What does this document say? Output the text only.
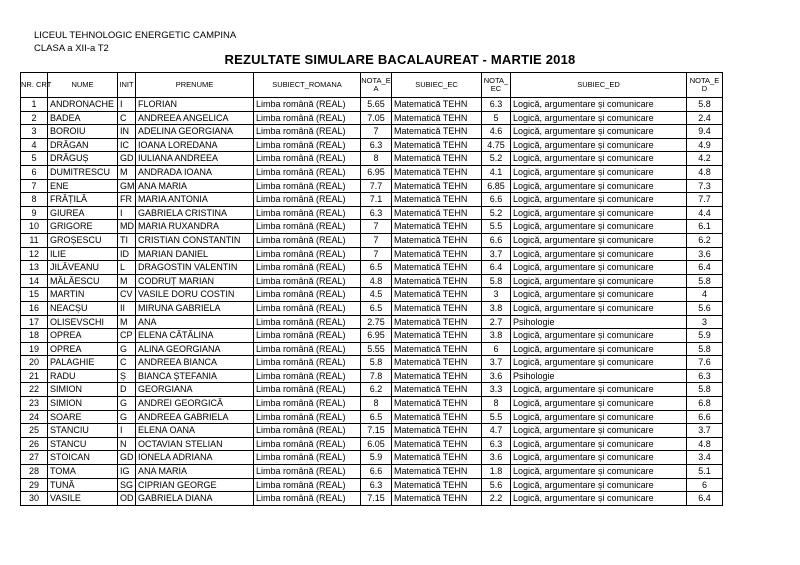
LICEUL TEHNOLOGIC ENERGETIC CAMPINA
CLASA a XII-a T2
REZULTATE SIMULARE BACALAUREAT - MARTIE 2018
NR. CRT	NUME	INIT	PRENUME	SUBIECT_ROMANA	NOTA_E A	SUBIEC_EC	NOTA_ EC	SUBIEC_ED	NOTA_E D
1	ANDRONACHE	I	FLORIAN	Limba română (REAL)	5.65	Matematică TEHN	6.3	Logică, argumentare și comunicare	5.8
2	BADEA	C	ANDREEA ANGELICA	Limba română (REAL)	7.05	Matematică TEHN	5	Logică, argumentare și comunicare	2.4
3	BOROIU	IN	ADELINA GEORGIANA	Limba română (REAL)	7	Matematică TEHN	4.6	Logică, argumentare și comunicare	9.4
4	DRĂGAN	IC	IOANA LOREDANA	Limba română (REAL)	6.3	Matematică TEHN	4.75	Logică, argumentare și comunicare	4.9
5	DRĂGUȘ	GD	IULIANA ANDREEA	Limba română (REAL)	8	Matematică TEHN	5.2	Logică, argumentare și comunicare	4.2
6	DUMITRESCU	M	ANDRADA IOANA	Limba română (REAL)	6.95	Matematică TEHN	4.1	Logică, argumentare și comunicare	4.8
7	ENE	GM	ANA MARIA	Limba română (REAL)	7.7	Matematică TEHN	6.85	Logică, argumentare și comunicare	7.3
8	FRĂȚILĂ	FR	MARIA ANTONIA	Limba română (REAL)	7.1	Matematică TEHN	6.6	Logică, argumentare și comunicare	7.7
9	GIUREA	I	GABRIELA CRISTINA	Limba română (REAL)	6.3	Matematică TEHN	5.2	Logică, argumentare și comunicare	4.4
10	GRIGORE	MD	MARIA RUXANDRA	Limba română (REAL)	7	Matematică TEHN	5.5	Logică, argumentare și comunicare	6.1
11	GROȘESCU	TI	CRISTIAN CONSTANTIN	Limba română (REAL)	7	Matematică TEHN	6.6	Logică, argumentare și comunicare	6.2
12	ILIE	ID	MARIAN DANIEL	Limba română (REAL)	7	Matematică TEHN	3.7	Logică, argumentare și comunicare	3.6
13	JILĂVEANU	L	DRAGOSTIN VALENTIN	Limba română (REAL)	6.5	Matematică TEHN	6.4	Logică, argumentare și comunicare	6.4
14	MĂLĂESCU	M	CODRUȚ MARIAN	Limba română (REAL)	4.8	Matematică TEHN	5.8	Logică, argumentare și comunicare	5.8
15	MARTIN	CV	VASILE DORU COSTIN	Limba română (REAL)	4.5	Matematică TEHN	3	Logică, argumentare și comunicare	4
16	NEACȘU	II	MIRUNA GABRIELA	Limba română (REAL)	6.5	Matematică TEHN	3.8	Logică, argumentare și comunicare	5.6
17	OLISEVSCHI	M	ANA	Limba română (REAL)	2.75	Matematică TEHN	2.7	Psihologie	3
18	OPREA	CP	ELENA CĂTĂLINA	Limba română (REAL)	6.95	Matematică TEHN	3.8	Logică, argumentare și comunicare	5.9
19	OPREA	G	ALINA GEORGIANA	Limba română (REAL)	5.55	Matematică TEHN	6	Logică, argumentare și comunicare	5.8
20	PALAGHIE	C	ANDREEA BIANCA	Limba română (REAL)	5.8	Matematică TEHN	3.7	Logică, argumentare și comunicare	7.6
21	RADU	Ș	BIANCA ȘTEFANIA	Limba română (REAL)	7.8	Matematică TEHN	3.6	Psihologie	6.3
22	SIMION	D	GEORGIANA	Limba română (REAL)	6.2	Matematică TEHN	3.3	Logică, argumentare și comunicare	5.8
23	SIMION	G	ANDREI GEORGICĂ	Limba română (REAL)	8	Matematică TEHN	8	Logică, argumentare și comunicare	6.8
24	SOARE	G	ANDREEA GABRIELA	Limba română (REAL)	6.5	Matematică TEHN	5.5	Logică, argumentare și comunicare	6.6
25	STANCIU	I	ELENA OANA	Limba română (REAL)	7.15	Matematică TEHN	4.7	Logică, argumentare și comunicare	3.7
26	STANCU	N	OCTAVIAN STELIAN	Limba română (REAL)	6.05	Matematică TEHN	6.3	Logică, argumentare și comunicare	4.8
27	STOICAN	GD	IONELA ADRIANA	Limba română (REAL)	5.9	Matematică TEHN	3.6	Logică, argumentare și comunicare	3.4
28	TOMA	IG	ANA MARIA	Limba română (REAL)	6.6	Matematică TEHN	1.8	Logică, argumentare și comunicare	5.1
29	TUNĂ	SG	CIPRIAN GEORGE	Limba română (REAL)	6.3	Matematică TEHN	5.6	Logică, argumentare și comunicare	6
30	VASILE	OD	GABRIELA DIANA	Limba română (REAL)	7.15	Matematică TEHN	2.2	Logică, argumentare și comunicare	6.4
